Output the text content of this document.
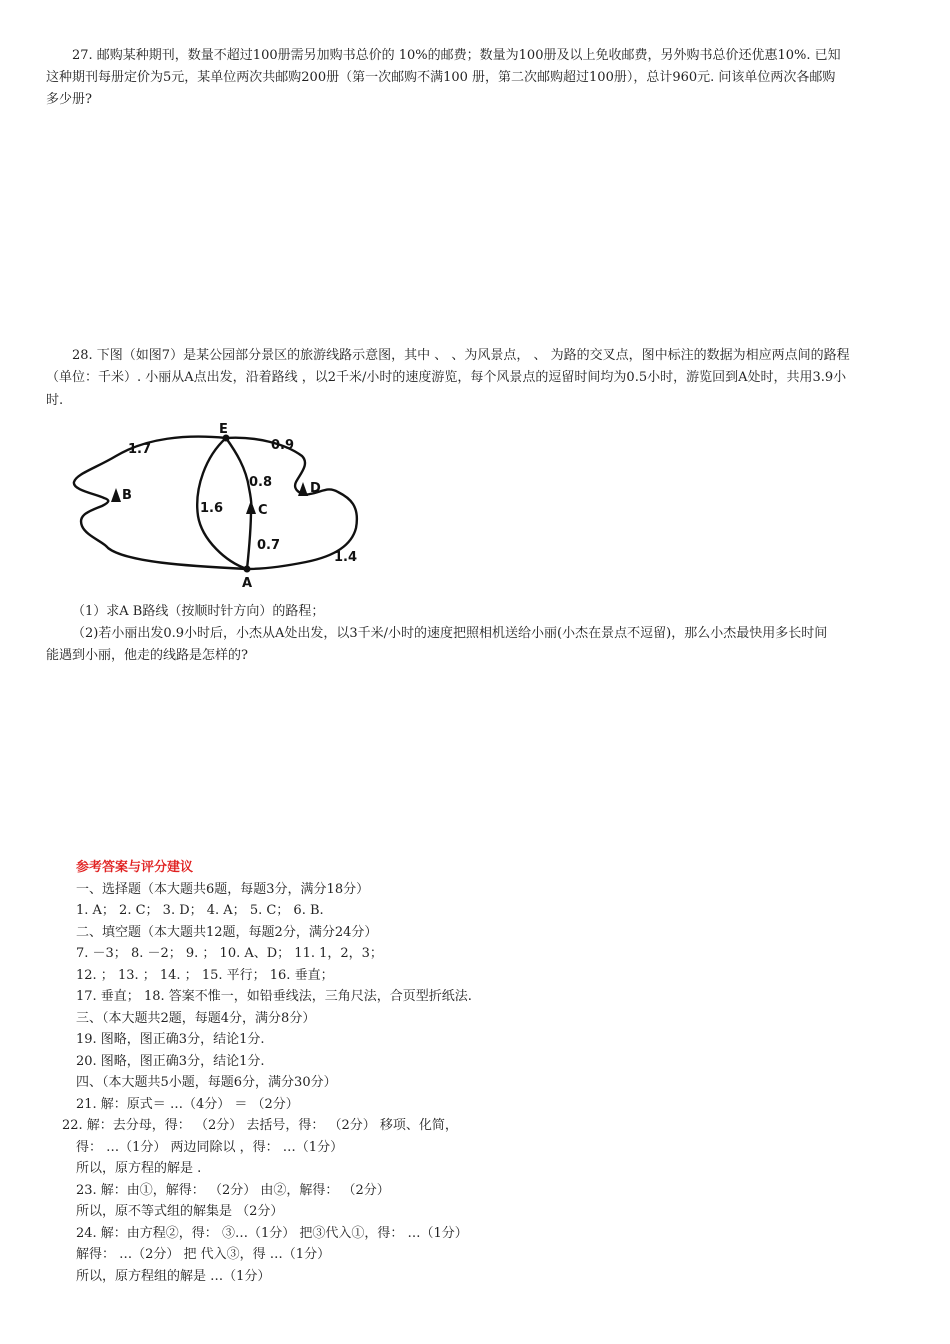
27. 邮购某种期刊，数量不超过100册需另加购书总价的 10%的邮费；数量为100册及以上免收邮费，另外购书总价还优惠10%. 已知
这种期刊每册定价为5元，某单位两次共邮购200册（第一次邮购不满100 册，第二次邮购超过100册），总计960元. 问该单位两次各邮购
多少册?
28. 下图（如图7）是某公园部分景区的旅游线路示意图，其中 、 、为风景点， 、 为路的交叉点，图中标注的数据为相应两点间的路程
（单位：千米）. 小丽从A点出发，沿着路线 ，以2千米/小时的速度游览，每个风景点的逗留时间均为0.5小时，游览回到A处时，共用3.9小
时.
E
A
B
C
D
1.7	0.9
0.8
1.6
0.7
1.4
（1）求A B路线（按顺时针方向）的路程；
（2)若小丽出发0.9小时后，小杰从A处出发，以3千米/小时的速度把照相机送给小丽(小杰在景点不逗留)，那么小杰最快用多长时间
能遇到小丽，他走的线路是怎样的?
参考答案与评分建议
一、选择题（本大题共6题，每题3分，满分18分）
1. A； 2. C； 3. D； 4. A； 5. C； 6. B.
二、填空题（本大题共12题，每题2分，满分24分）
7. －3； 8. －2； 9. ； 10. A、D； 11. 1，2，3；
12. ； 13. ； 14. ； 15. 平行； 16. 垂直；
17. 垂直； 18. 答案不惟一，如铅垂线法，三角尺法，合页型折纸法.
三、（本大题共2题，每题4分，满分8分）
19. 图略，图正确3分，结论1分.
20. 图略，图正确3分，结论1分.
四、（本大题共5小题，每题6分，满分30分）
21. 解：原式＝ …（4分） ＝ （2分）
22. 解：去分母，得： （2分） 去括号，得： （2分） 移项、化简，
得： …（1分） 两边同除以 ，得： …（1分）
所以，原方程的解是 .
23. 解：由①，解得： （2分） 由②，解得： （2分）
所以，原不等式组的解集是 （2分）
24. 解：由方程②，得： ③…（1分） 把③代入①，得： …（1分）
解得： …（2分） 把 代入③，得 …（1分）
所以，原方程组的解是 …（1分）
